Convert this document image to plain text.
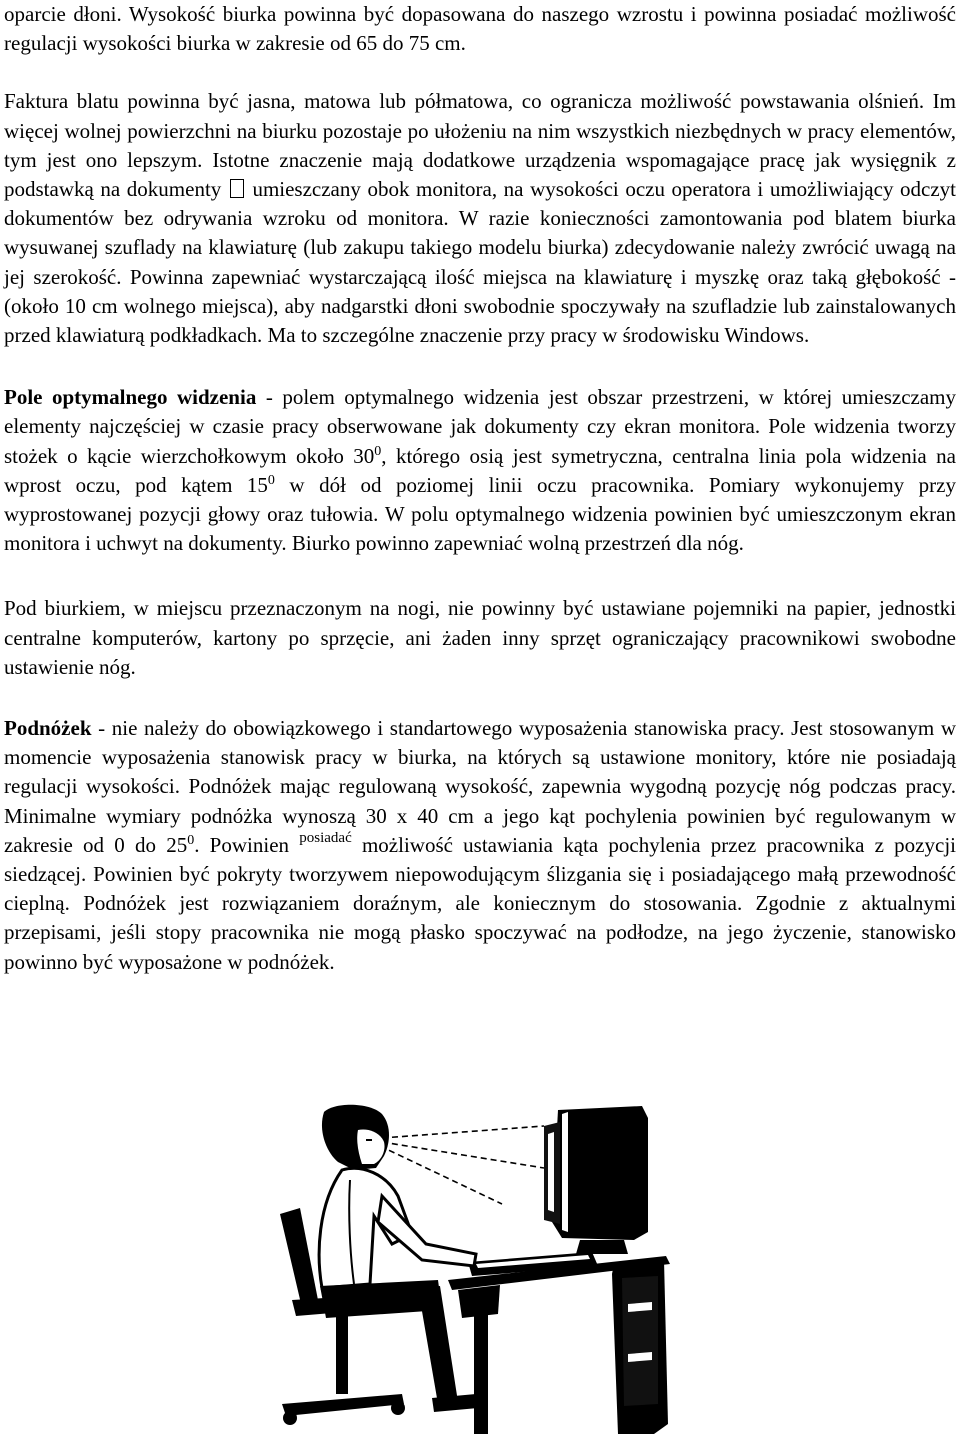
oparcie dłoni. Wysokość biurka powinna być dopasowana do naszego wzrostu i powinna posiadać możliwość regulacji wysokości biurka w zakresie od 65 do 75 cm.

Faktura blatu powinna być jasna, matowa lub półmatowa, co ogranicza możliwość powstawania olśnień. Im więcej wolnej powierzchni na biurku pozostaje po ułożeniu na nim wszystkich niezbędnych w pracy elementów, tym jest ono lepszym. Istotne znaczenie mają dodatkowe urządzenia wspomagające pracę jak wysięgnik z podstawką na dokumenty umieszczany obok monitora, na wysokości oczu operatora i umożliwiający odczyt dokumentów bez odrywania wzroku od monitora. W razie konieczności zamontowania pod blatem biurka wysuwanej szuflady na klawiaturę (lub zakupu takiego modelu biurka) zdecydowanie należy zwrócić uwagą na jej szerokość. Powinna zapewniać wystarczającą ilość miejsca na klawiaturę i myszkę oraz taką głębokość - (około 10 cm wolnego miejsca), aby nadgarstki dłoni swobodnie spoczywały na szufladzie lub zainstalowanych przed klawiaturą podkładkach. Ma to szczególne znaczenie przy pracy w środowisku Windows.

Pole optymalnego widzenia - polem optymalnego widzenia jest obszar przestrzeni, w której umieszczamy elementy najczęściej w czasie pracy obserwowane jak dokumenty czy ekran monitora. Pole widzenia tworzy stożek o kącie wierzchołkowym około $30^0$, którego osią jest symetryczna, centralna linia pola widzenia na wprost oczu, pod kątem $15^0$ w dół od poziomej linii oczu pracownika. Pomiary wykonujemy przy wyprostowanej pozycji głowy oraz tułowia. W polu optymalnego widzenia powinien być umieszczonym ekran monitora i uchwyt na dokumenty. Biurko powinno zapewniać wolną przestrzeń dla nóg.

Pod biurkiem, w miejscu przeznaczonym na nogi, nie powinny być ustawiane pojemniki na papier, jednostki centralne komputerów, kartony po sprzęcie, ani żaden inny sprzęt ograniczający pracownikowi swobodne ustawienie nóg.

Podnóżek - nie należy do obowiązkowego i standartowego wyposażenia stanowiska pracy. Jest stosowanym w momencie wyposażenia stanowisk pracy w biurka, na których są ustawione monitory, które nie posiadają regulacji wysokości. Podnóżek mając regulowaną wysokość, zapewnia wygodną pozycję nóg podczas pracy. Minimalne wymiary podnóżka wynoszą 30 x 40 cm a jego kąt pochylenia powinien być regulowanym w zakresie od 0 do $25^0$. Powinien $^{posiadać}$ możliwość ustawiania kąta pochylenia przez pracownika z pozycji siedzącej. Powinien być pokryty tworzywem niepowodującym ślizgania się i posiadającego małą przewodność cieplną. Podnóżek jest rozwiązaniem doraźnym, ale koniecznym do stosowania. Zgodnie z aktualnymi przepisami, jeśli stopy pracownika nie mogą płasko spoczywać na podłodze, na jego życzenie, stanowisko powinno być wyposażone w podnóżek.
